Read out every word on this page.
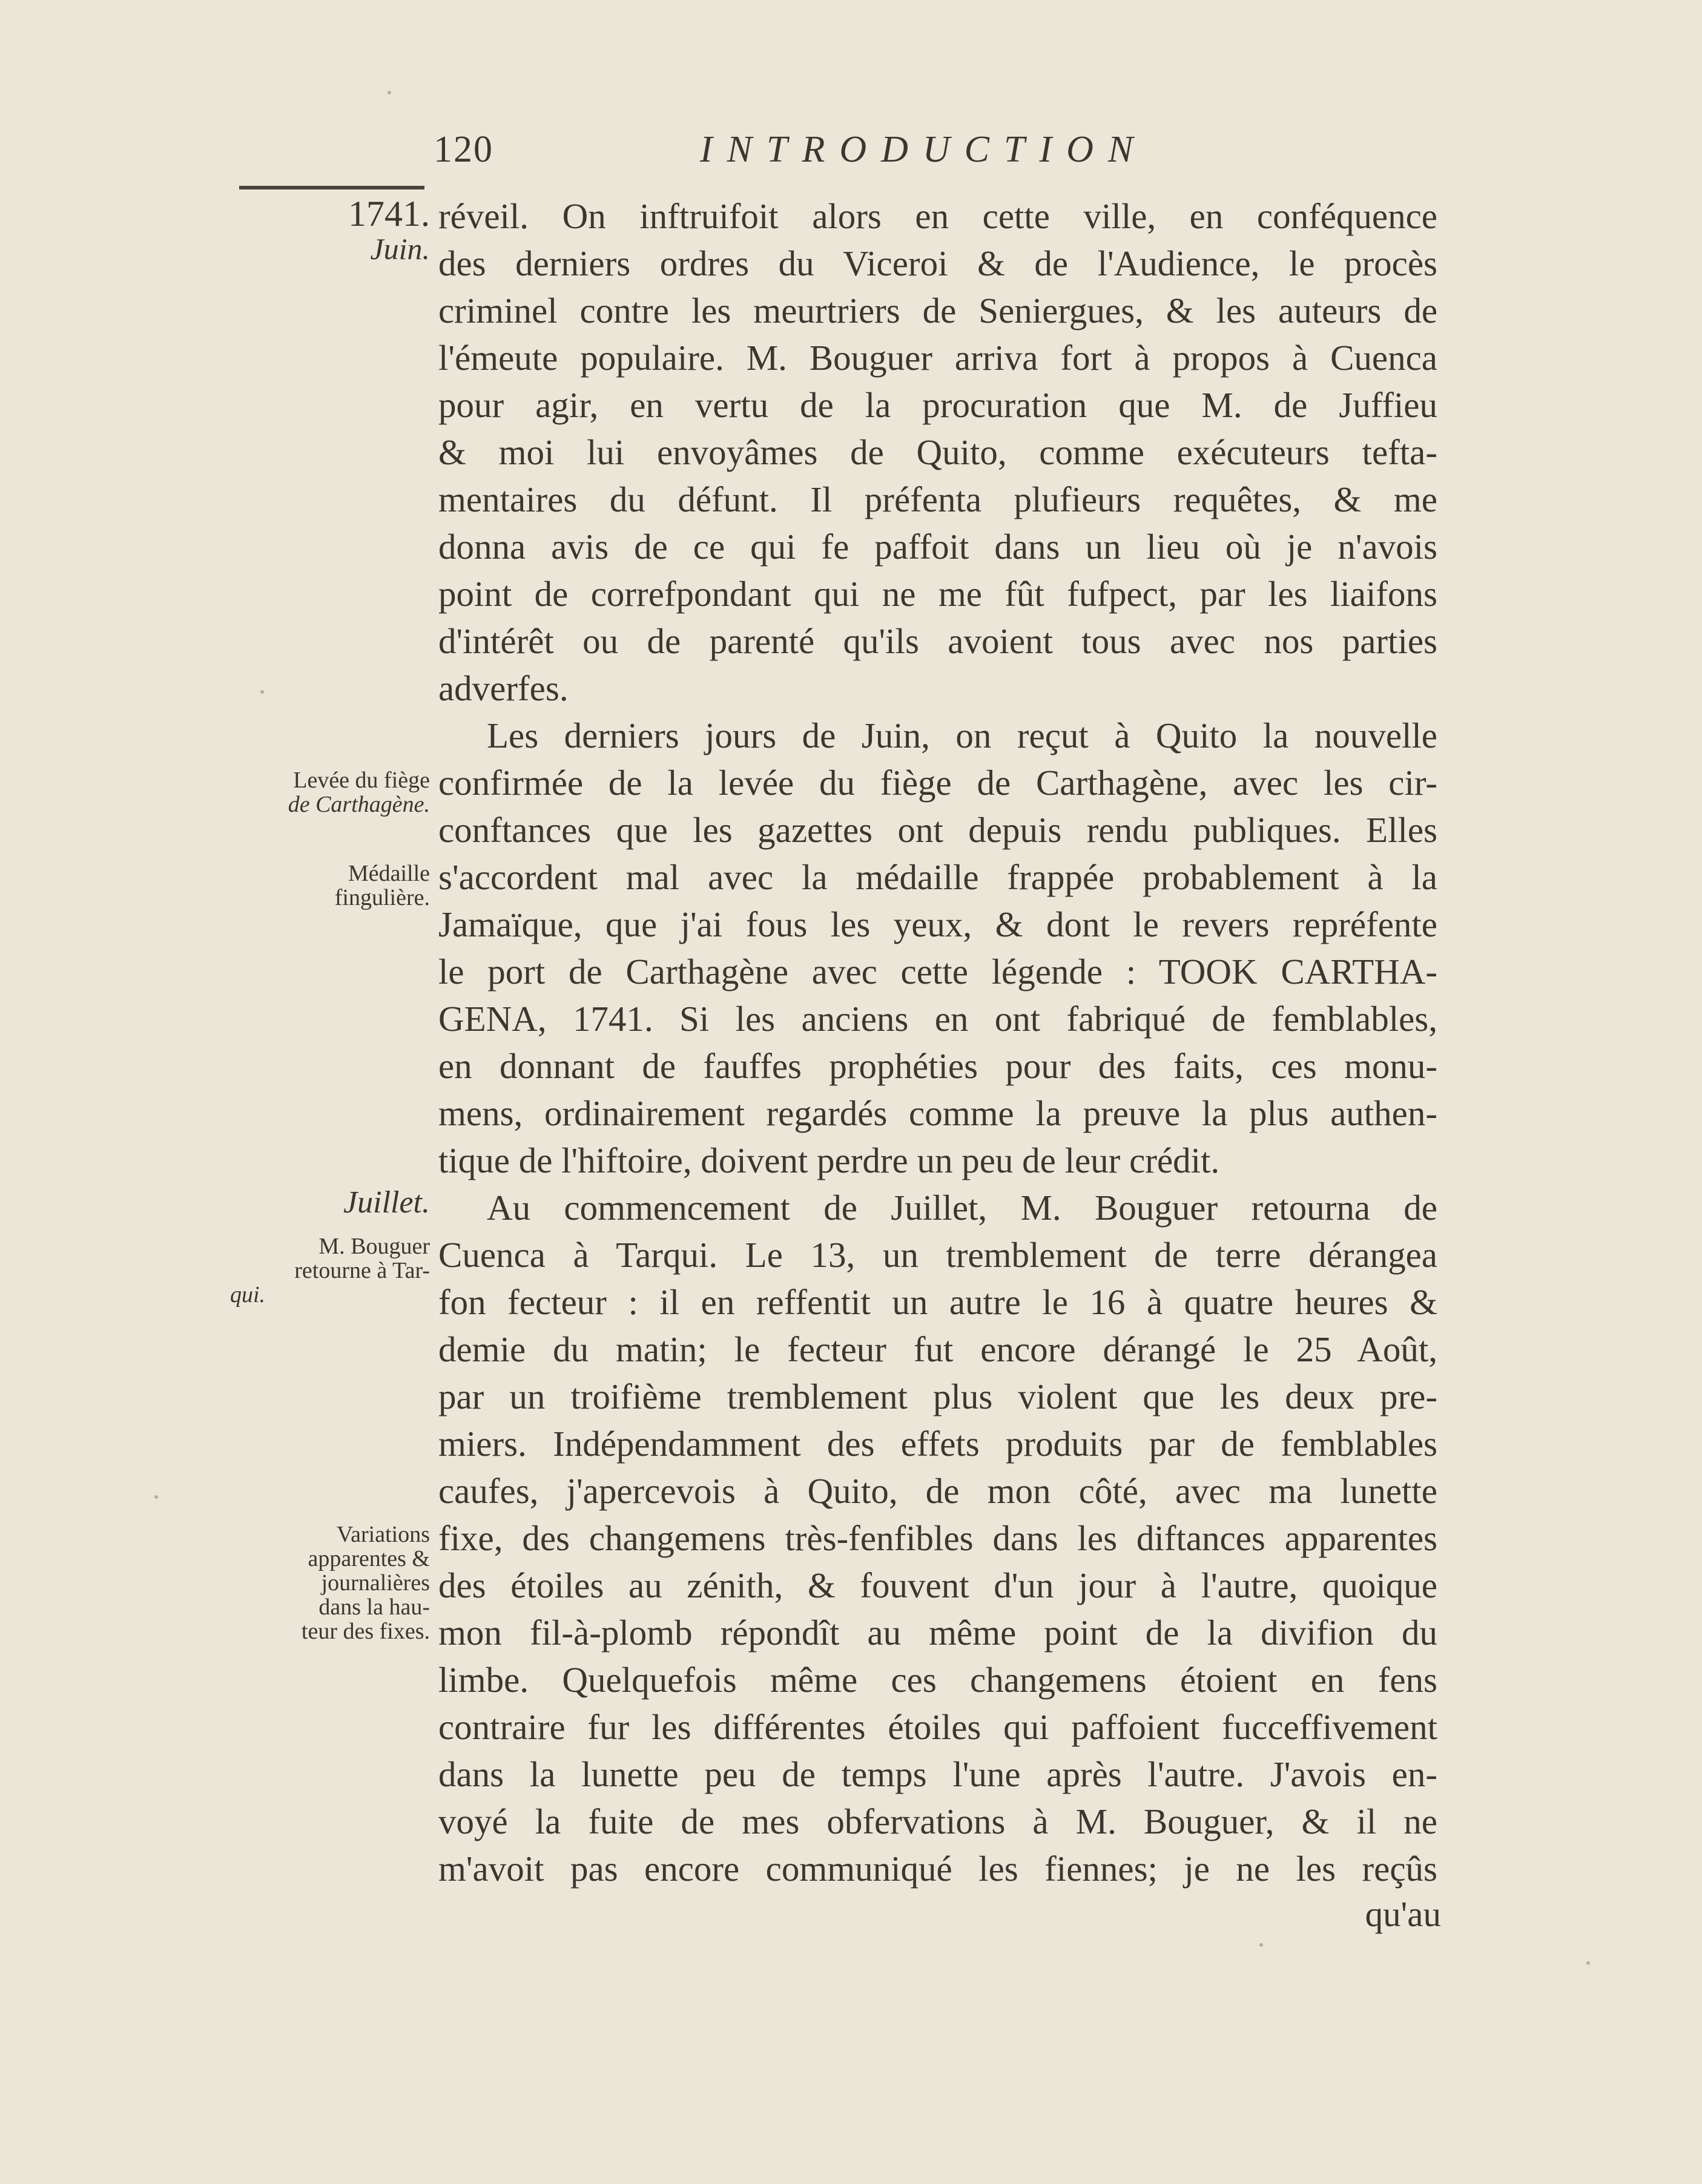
120	INTRODUCTION
1741.
Juin.
Levée du fiège
de Carthagène.
Médaille
fingulière.
Juillet.
M. Bouguer
retourne à Tar-
qui.
Variations
apparentes &
journalières
dans la hau-
teur des fixes.
réveil. On inftruifoit alors en cette ville, en conféquence
des derniers ordres du Viceroi & de l'Audience, le procès
criminel contre les meurtriers de Seniergues, & les auteurs de
l'émeute populaire. M. Bouguer arriva fort à propos à Cuenca
pour agir, en vertu de la procuration que M. de Juffieu
& moi lui envoyâmes de Quito, comme exécuteurs tefta-
mentaires du défunt. Il préfenta plufieurs requêtes, & me
donna avis de ce qui fe paffoit dans un lieu où je n'avois
point de correfpondant qui ne me fût fufpect, par les liaifons
d'intérêt ou de parenté qu'ils avoient tous avec nos parties
adverfes.
Les derniers jours de Juin, on reçut à Quito la nouvelle
confirmée de la levée du fiège de Carthagène, avec les cir-
conftances que les gazettes ont depuis rendu publiques. Elles
s'accordent mal avec la médaille frappée probablement à la
Jamaïque, que j'ai fous les yeux, & dont le revers repréfente
le port de Carthagène avec cette légende : TOOK CARTHA-
GENA, 1741. Si les anciens en ont fabriqué de femblables,
en donnant de fauffes prophéties pour des faits, ces monu-
mens, ordinairement regardés comme la preuve la plus authen-
tique de l'hiftoire, doivent perdre un peu de leur crédit.
Au commencement de Juillet, M. Bouguer retourna de
Cuenca à Tarqui. Le 13, un tremblement de terre dérangea
fon fecteur : il en reffentit un autre le 16 à quatre heures &
demie du matin; le fecteur fut encore dérangé le 25 Août,
par un troifième tremblement plus violent que les deux pre-
miers. Indépendamment des effets produits par de femblables
caufes, j'apercevois à Quito, de mon côté, avec ma lunette
fixe, des changemens très-fenfibles dans les diftances apparentes
des étoiles au zénith, & fouvent d'un jour à l'autre, quoique
mon fil-à-plomb répondît au même point de la divifion du
limbe. Quelquefois même ces changemens étoient en fens
contraire fur les différentes étoiles qui paffoient fucceffivement
dans la lunette peu de temps l'une après l'autre. J'avois en-
voyé la fuite de mes obfervations à M. Bouguer, & il ne
m'avoit pas encore communiqué les fiennes; je ne les reçûs
qu'au
